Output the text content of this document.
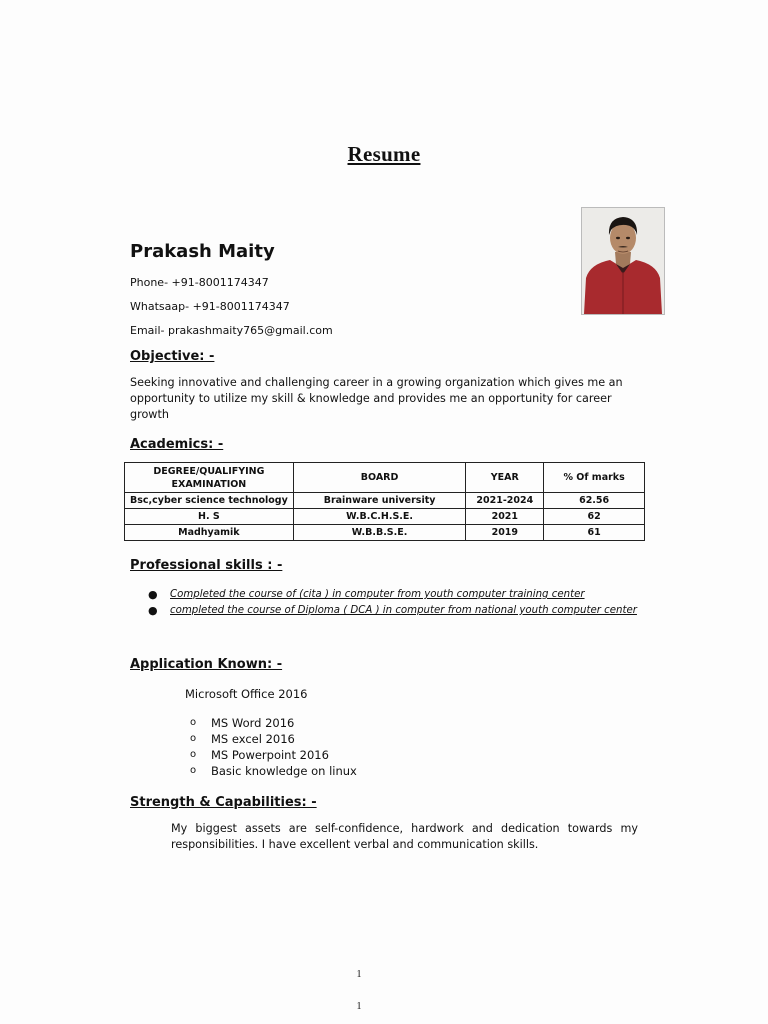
Resume
Prakash Maity
Phone- +91-8001174347
Whatsaap- +91-8001174347
Email- prakashmaity765@gmail.com
Objective: -
Seeking innovative and challenging career in a growing organization which gives me an
opportunity to utilize my skill & knowledge and provides me an opportunity for career
growth
Academics: -
DEGREE/QUALIFYING EXAMINATION	BOARD	YEAR	% Of marks
Bsc,cyber science technology	Brainware university	2021-2024	62.56
H. S	W.B.C.H.S.E.	2021	62
Madhyamik	W.B.B.S.E.	2019	61
Professional skills : -
● Completed the course of (cita ) in computer from youth computer training center
● completed the course of Diploma ( DCA ) in computer from national youth computer center
Application Known: -
Microsoft Office 2016
o MS Word 2016
o MS excel 2016
o MS Powerpoint 2016
o Basic knowledge on linux
Strength & Capabilities: -
My biggest assets are self-confidence, hardwork and dedication towards my
responsibilities. I have excellent verbal and communication skills.
1
1
